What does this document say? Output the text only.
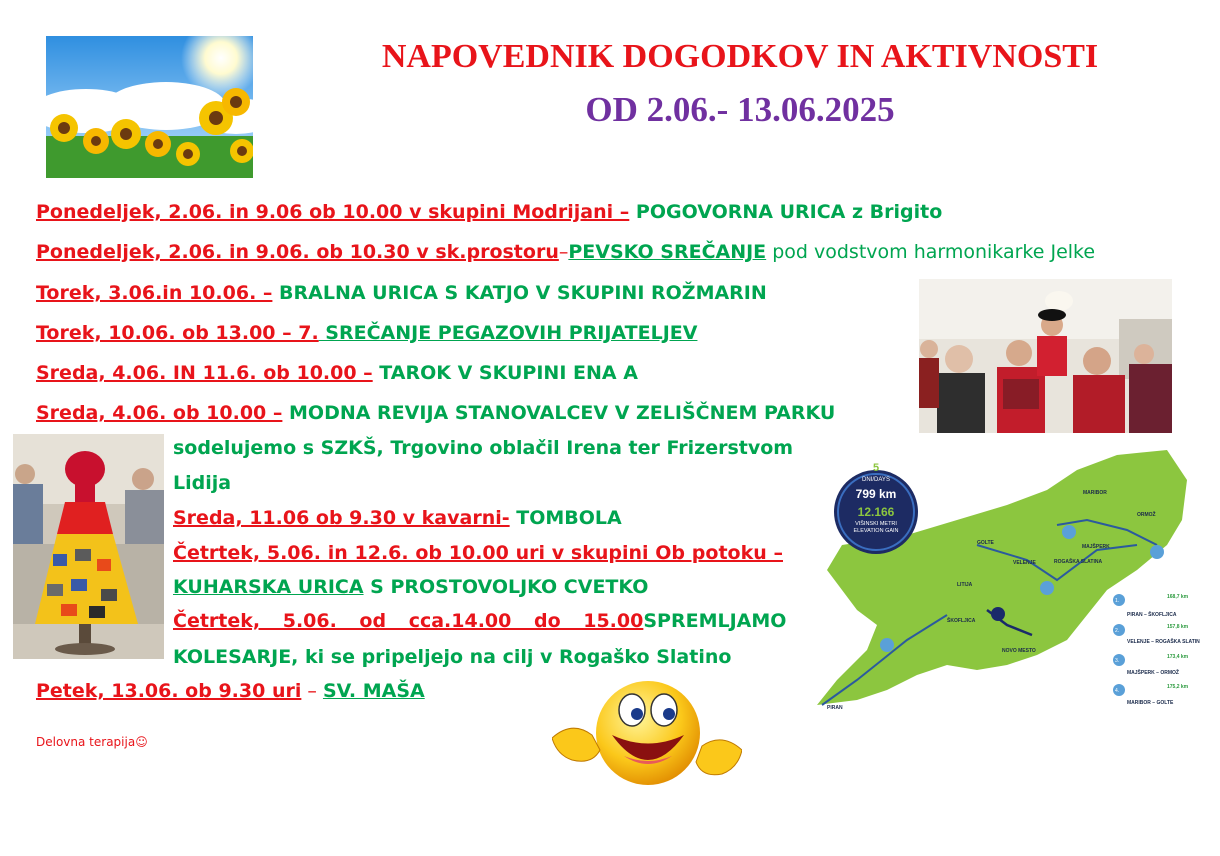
NAPOVEDNIK DOGODKOV IN AKTIVNOSTI
OD 2.06.- 13.06.2025
Ponedeljek, 2.06. in 9.06 ob 10.00 v skupini Modrijani – POGOVORNA URICA z Brigito
Ponedeljek, 2.06. in 9.06. ob 10.30 v sk.prostoru–PEVSKO SREČANJE pod vodstvom harmonikarke Jelke
Torek, 3.06.in 10.06. – BRALNA URICA S KATJO V SKUPINI ROŽMARIN
Torek, 10.06. ob 13.00 – 7. SREČANJE PEGAZOVIH PRIJATELJEV
Sreda, 4.06. IN 11.6. ob 10.00 – TAROK V SKUPINI ENA A
Sreda, 4.06. ob 10.00 – MODNA REVIJA STANOVALCEV V ZELIŠČNEM PARKU
sodelujemo s SZKŠ, Trgovino oblačil Irena ter Frizerstvom
Lidija
Sreda, 11.06 ob 9.30 v kavarni- TOMBOLA
Četrtek, 5.06. in 12.6. ob 10.00 uri v skupini Ob potoku –
KUHARSKA URICA S PROSTOVOLJKO CVETKO
Četrtek, 5.06. od cca.14.00 do 15.00 SPREMLJAMO
KOLESARJE, ki se pripeljejo na cilj v Rogaško Slatino
Petek, 13.06. ob 9.30 uri – SV. MAŠA
Delovna terapija☺
5
DNI/DAYS
799 km
12.166
VIŠINSKI METRI
ELEVATION GAIN
MARIBOR
ORMOŽ
GOLTE
VELENJE
MAJŠPERK
ROGAŠKA SLATINA
LITIJA
ŠKOFLJICA
NOVO MESTO
PIRAN
1.
168,7 km
PIRAN – ŠKOFLJICA
2.
157,8 km
VELENJE – ROGAŠKA SLATINA
3.
173,4 km
MAJŠPERK – ORMOŽ
4.
175,2 km
MARIBOR – GOLTE
